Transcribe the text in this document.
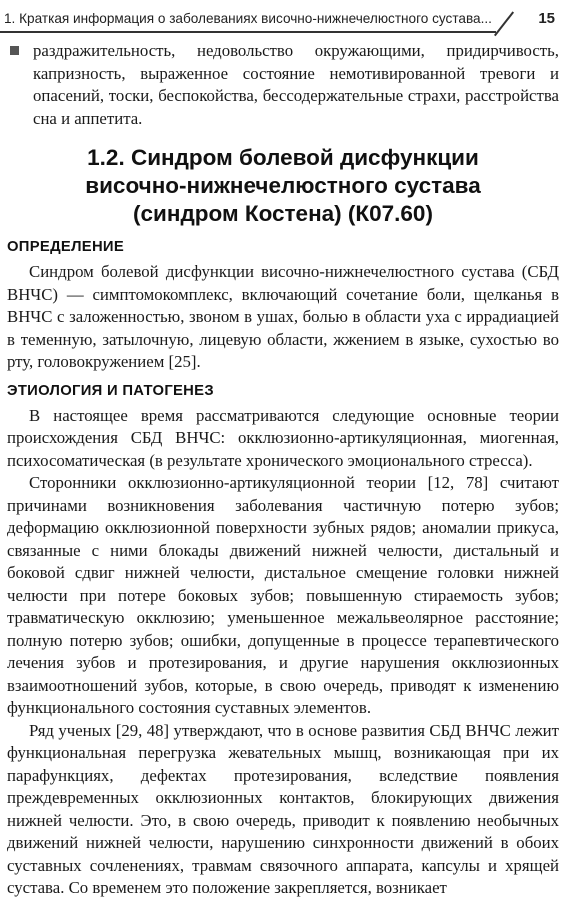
1. Краткая информация о заболеваниях височно-нижнечелюстного сустава...	15

раздражительность, недовольство окружающими, придирчивость, капризность, выраженное состояние немотивированной тревоги и опасений, тоски, беспокойства, бессодержательные страхи, расстройства сна и аппетита.

1.2. Синдром болевой дисфункции
височно-нижнечелюстного сустава
(синдром Костена) (К07.60)
ОПРЕДЕЛЕНИЕ

Синдром болевой дисфункции височно-нижнечелюстного сустава (СБД ВНЧС) — симптомокомплекс, включающий сочетание боли, щелканья в ВНЧС с заложенностью, звоном в ушах, болью в области уха с иррадиацией в теменную, затылочную, лицевую области, жжением в языке, сухостью во рту, головокружением [25].

ЭТИОЛОГИЯ И ПАТОГЕНЕЗ

В настоящее время рассматриваются следующие основные теории происхождения СБД ВНЧС: окклюзионно-артикуляционная, миогенная, психосоматическая (в результате хронического эмоционального стресса).

Сторонники окклюзионно-артикуляционной теории [12, 78] считают причинами возникновения заболевания частичную потерю зубов; деформацию окклюзионной поверхности зубных рядов; аномалии прикуса, связанные с ними блокады движений нижней челюсти, дистальный и боковой сдвиг нижней челюсти, дистальное смещение головки нижней челюсти при потере боковых зубов; повышенную стираемость зубов; травматическую окклюзию; уменьшенное межальвеолярное расстояние; полную потерю зубов; ошибки, допущенные в процессе терапевтического лечения зубов и протезирования, и другие нарушения окклюзионных взаимоотношений зубов, которые, в свою очередь, приводят к изменению функционального состояния суставных элементов.

Ряд ученых [29, 48] утверждают, что в основе развития СБД ВНЧС лежит функциональная перегрузка жевательных мышц, возникающая при их парафункциях, дефектах протезирования, вследствие появления преждевременных окклюзионных контактов, блокирующих движения нижней челюсти. Это, в свою очередь, приводит к появлению необычных движений нижней челюсти, нарушению синхронности движений в обоих суставных сочленениях, травмам связочного аппарата, капсулы и хрящей сустава. Со временем это положение закрепляется, возникает
